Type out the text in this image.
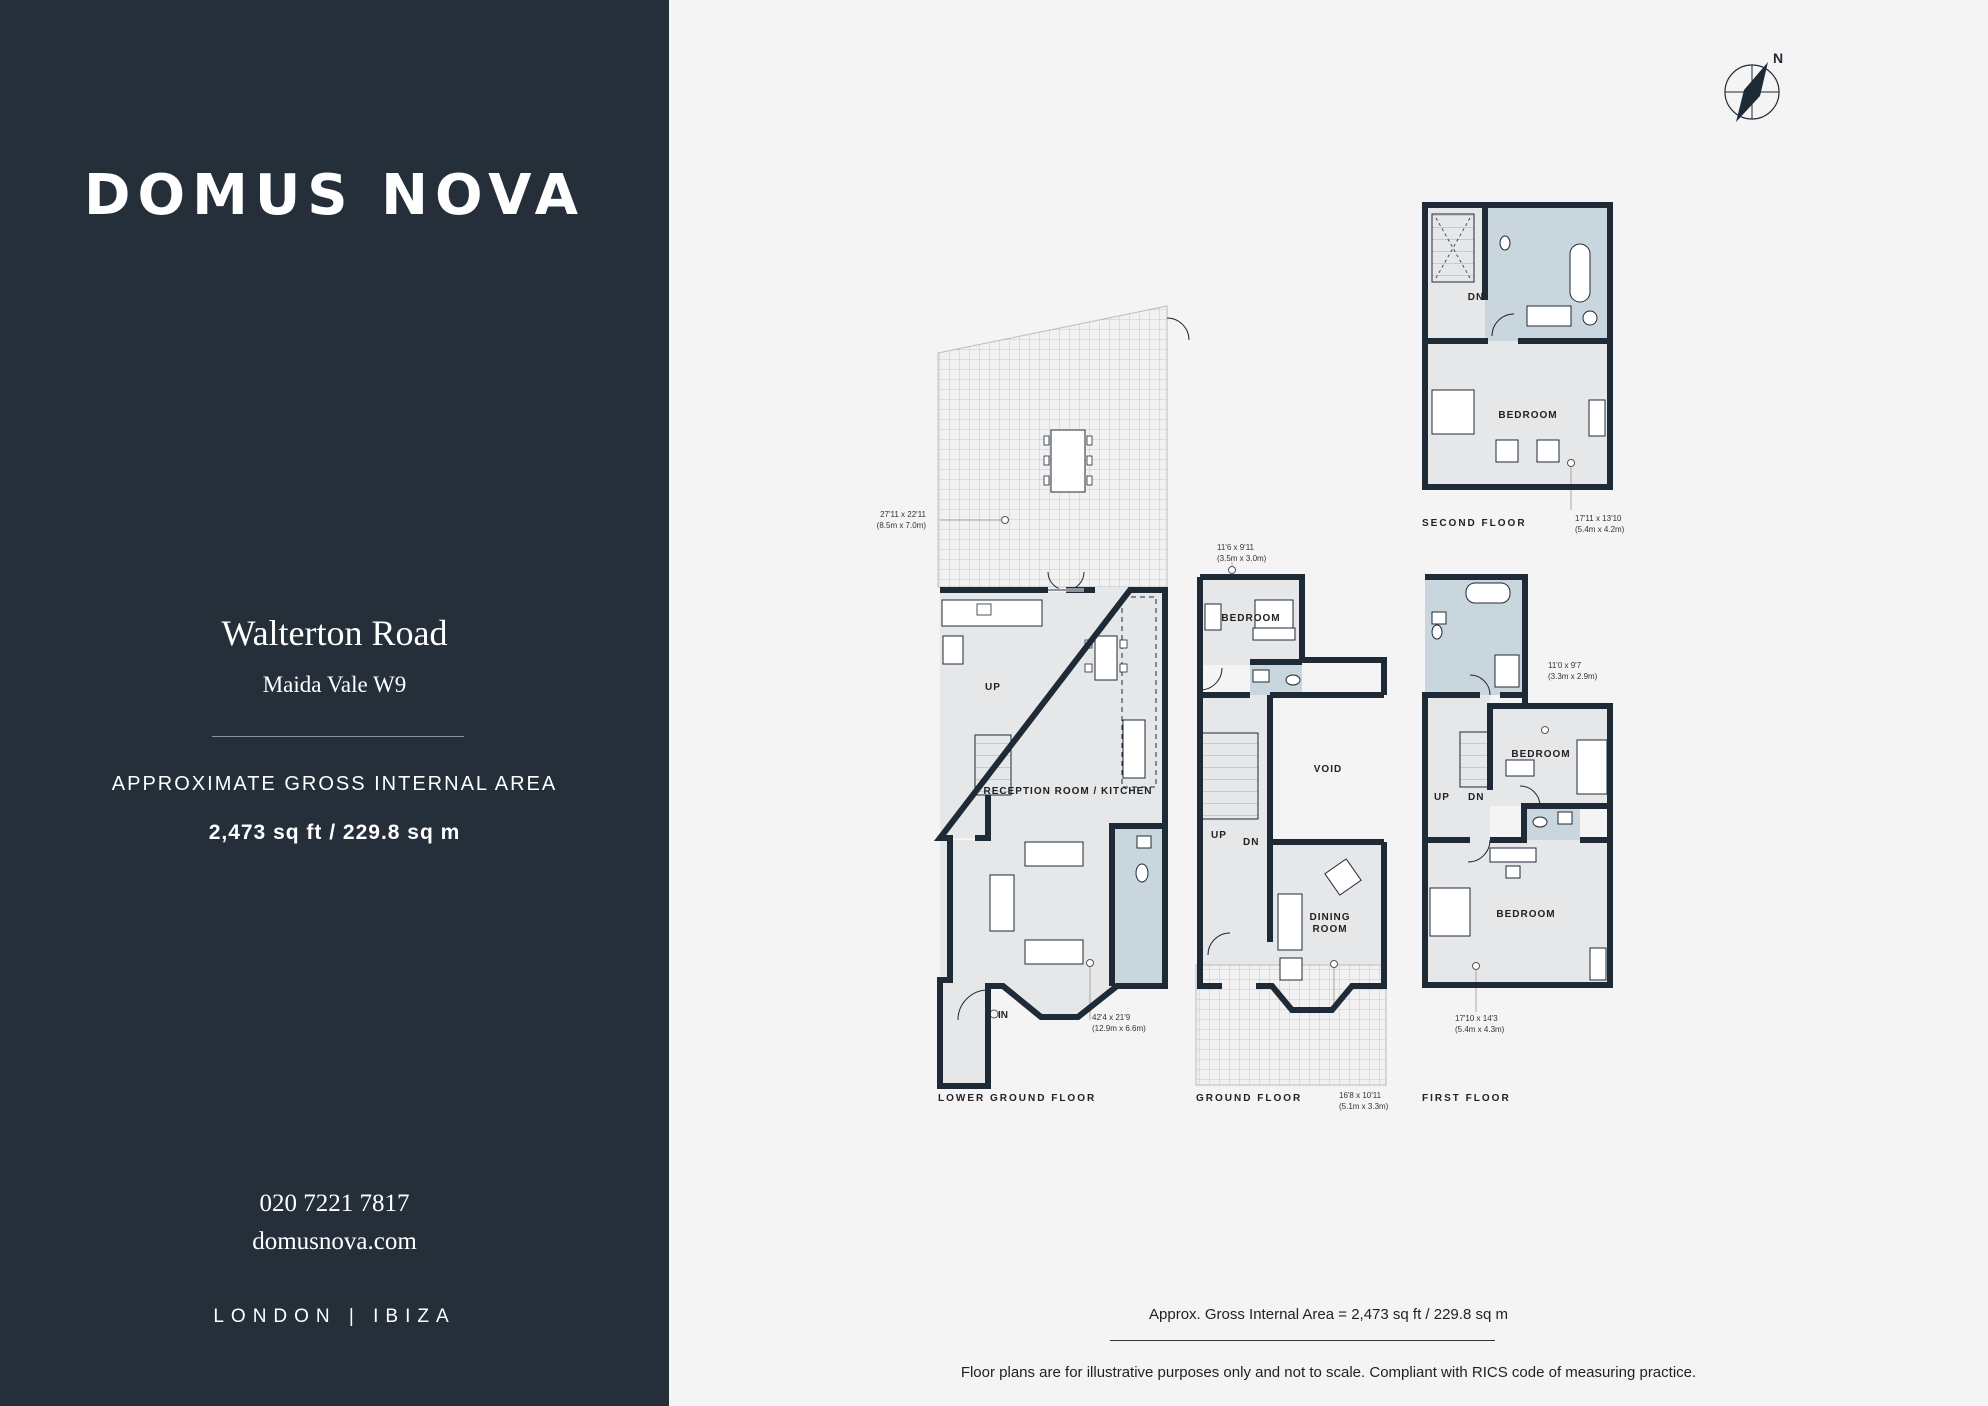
DOMUS NOVA
Walterton Road
Maida Vale W9
APPROXIMATE GROSS INTERNAL AREA
2,473 sq ft / 229.8 sq m
020 7221 7817
domusnova.com
LONDON | IBIZA
N
RECEPTION ROOM / KITCHEN
UP
IN
27'11 x 22'11
(8.5m x 7.0m)
42'4 x 21'9
(12.9m x 6.6m)
LOWER GROUND FLOOR
BEDROOM
VOID
DINING ROOM
UP
DN
11'6 x 9'11
(3.5m x 3.0m)
16'8 x 10'11
(5.1m x 3.3m)
GROUND FLOOR
BEDROOM
BEDROOM
UP DN
11'0 x 9'7
(3.3m x 2.9m)
17'10 x 14'3
(5.4m x 4.3m)
FIRST FLOOR
DN
BEDROOM
17'11 x 13'10
(5.4m x 4.2m)
SECOND FLOOR
Approx. Gross Internal Area = 2,473 sq ft / 229.8 sq m
Floor plans are for illustrative purposes only and not to scale. Compliant with RICS code of measuring practice.
